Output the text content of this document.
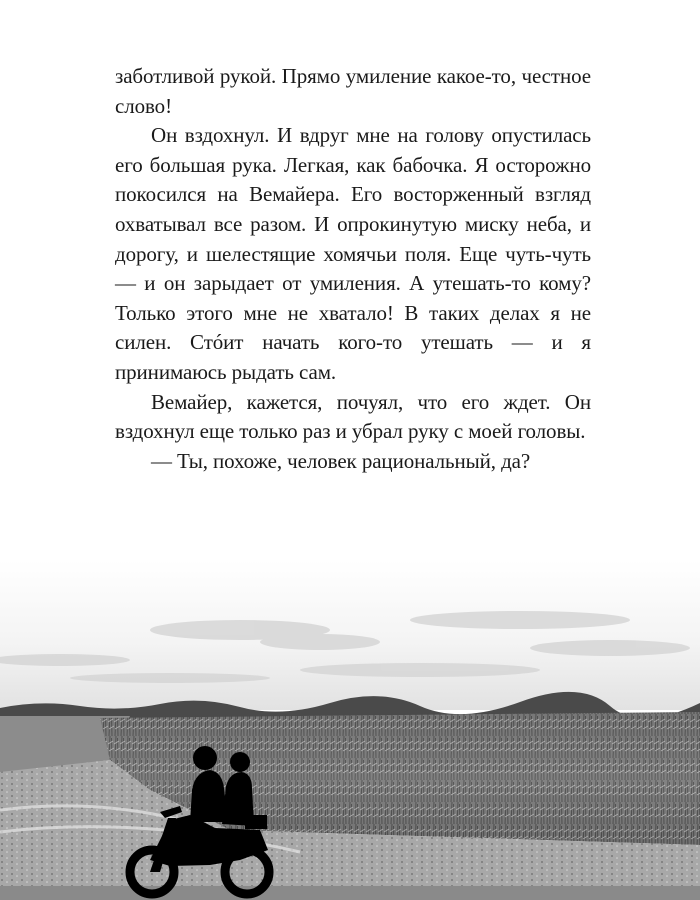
заботливой рукой. Прямо умиление какое-то, честное слово!

Он вздохнул. И вдруг мне на голову опустилась его большая рука. Легкая, как бабочка. Я осторожно покосился на Вемайера. Его восторженный взгляд охватывал все разом. И опрокинутую миску неба, и дорогу, и шелестящие хомячьи поля. Еще чуть-чуть — и он зарыдает от умиления. А утешать-то кому? Только этого мне не хватало! В таких делах я не силен. Стóит начать кого-то утешать — и я принимаюсь рыдать сам.

Вемайер, кажется, почуял, что его ждет. Он вздохнул еще только раз и убрал руку с моей головы.

— Ты, похоже, человек рациональный, да?
